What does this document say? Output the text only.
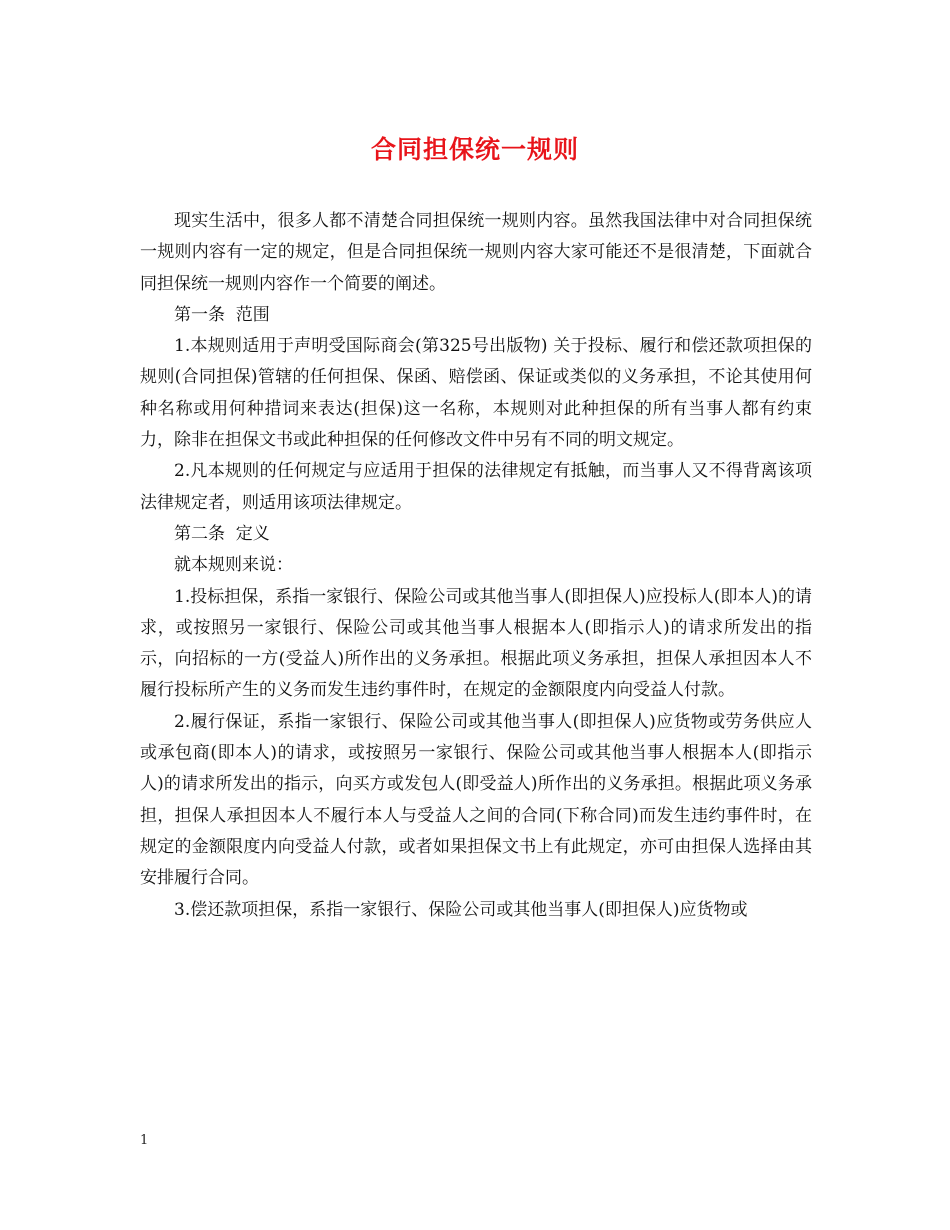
合同担保统一规则

现实生活中，很多人都不清楚合同担保统一规则内容。虽然我国法律中对合同担保统一规则内容有一定的规定，但是合同担保统一规则内容大家可能还不是很清楚，下面就合同担保统一规则内容作一个简要的阐述。

第一条  范围

1.本规则适用于声明受国际商会(第325号出版物) 关于投标、履行和偿还款项担保的规则(合同担保)管辖的任何担保、保函、赔偿函、保证或类似的义务承担，不论其使用何种名称或用何种措词来表达(担保)这一名称，本规则对此种担保的所有当事人都有约束力，除非在担保文书或此种担保的任何修改文件中另有不同的明文规定。

2.凡本规则的任何规定与应适用于担保的法律规定有抵触，而当事人又不得背离该项法律规定者，则适用该项法律规定。

第二条  定义

就本规则来说：

1.投标担保，系指一家银行、保险公司或其他当事人(即担保人)应投标人(即本人)的请求，或按照另一家银行、保险公司或其他当事人根据本人(即指示人)的请求所发出的指示，向招标的一方(受益人)所作出的义务承担。根据此项义务承担，担保人承担因本人不履行投标所产生的义务而发生违约事件时，在规定的金额限度内向受益人付款。

2.履行保证，系指一家银行、保险公司或其他当事人(即担保人)应货物或劳务供应人或承包商(即本人)的请求，或按照另一家银行、保险公司或其他当事人根据本人(即指示人)的请求所发出的指示，向买方或发包人(即受益人)所作出的义务承担。根据此项义务承担，担保人承担因本人不履行本人与受益人之间的合同(下称合同)而发生违约事件时，在规定的金额限度内向受益人付款，或者如果担保文书上有此规定，亦可由担保人选择由其安排履行合同。

3.偿还款项担保，系指一家银行、保险公司或其他当事人(即担保人)应货物或

1
